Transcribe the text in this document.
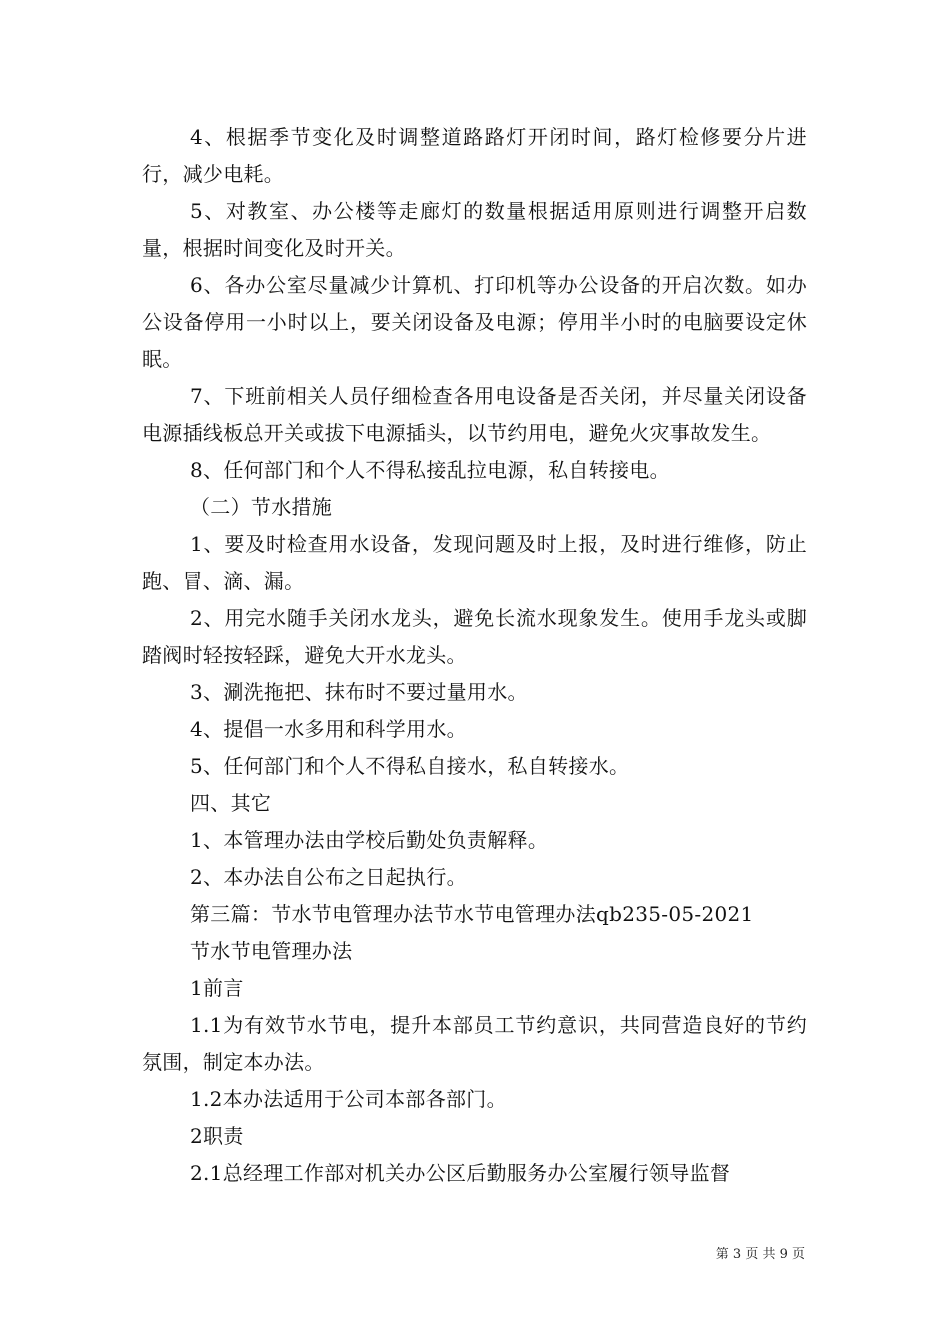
4、根据季节变化及时调整道路路灯开闭时间，路灯检修要分片进行，减少电耗。

5、对教室、办公楼等走廊灯的数量根据适用原则进行调整开启数量，根据时间变化及时开关。

6、各办公室尽量减少计算机、打印机等办公设备的开启次数。如办公设备停用一小时以上，要关闭设备及电源；停用半小时的电脑要设定休眠。

7、下班前相关人员仔细检查各用电设备是否关闭，并尽量关闭设备电源插线板总开关或拔下电源插头，以节约用电，避免火灾事故发生。

8、任何部门和个人不得私接乱拉电源，私自转接电。

（二）节水措施

1、要及时检查用水设备，发现问题及时上报，及时进行维修，防止跑、冒、滴、漏。

2、用完水随手关闭水龙头，避免长流水现象发生。使用手龙头或脚踏阀时轻按轻踩，避免大开水龙头。

3、涮洗拖把、抹布时不要过量用水。

4、提倡一水多用和科学用水。

5、任何部门和个人不得私自接水，私自转接水。

四、其它

1、本管理办法由学校后勤处负责解释。

2、本办法自公布之日起执行。

第三篇：节水节电管理办法节水节电管理办法qb235-05-2021

节水节电管理办法

1前言

1.1为有效节水节电，提升本部员工节约意识，共同营造良好的节约氛围，制定本办法。

1.2本办法适用于公司本部各部门。

2职责

2.1总经理工作部对机关办公区后勤服务办公室履行领导监督

第 3 页 共 9 页
